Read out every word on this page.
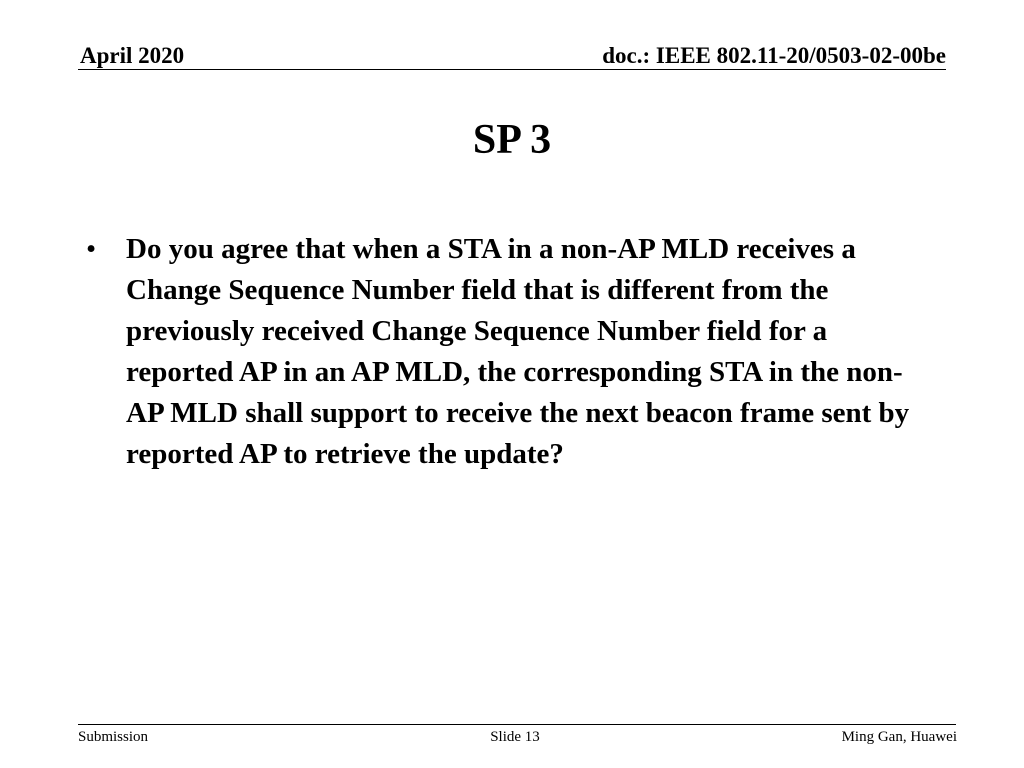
April 2020	doc.: IEEE 802.11-20/0503-02-00be
SP 3
• Do you agree that when a STA in a non-AP MLD receives a Change Sequence Number field that is different from the previously received Change Sequence Number field for a reported AP in an AP MLD, the corresponding STA in the non-AP MLD shall support to receive the next beacon frame sent by reported AP to retrieve the update?
Submission	Slide 13	Ming Gan, Huawei
